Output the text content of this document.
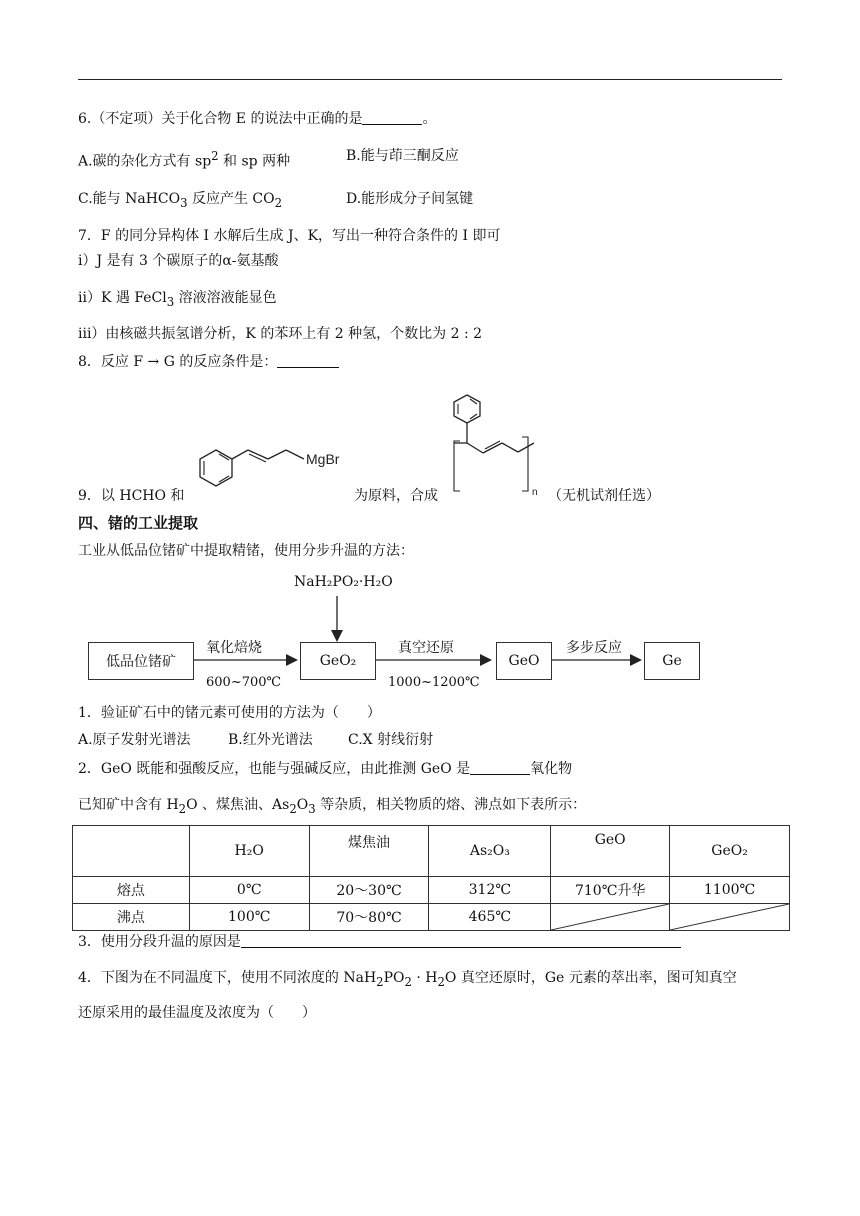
6.（不定项）关于化合物 E 的说法中正确的是	。
A.碳的杂化方式有 $sp^2$ 和 sp 两种	B.能与茚三酮反应
C.能与 NaHCO$_3$ 反应产生 $CO_2$	D.能形成分子间氢键
7．F 的同分异构体 I 水解后生成 J、K，写出一种符合条件的 I 即可
i）J 是有 3 个碳原子的α-氨基酸
ii）K 遇 FeCl$_3$ 溶液溶液能显色
iii）由核磁共振氢谱分析，K 的苯环上有 2 种氢，个数比为 2 : 2
8．反应 F → G 的反应条件是：
MgBr
n
9．以 HCHO 和	为原料，合成	（无机试剂任选）
四、锗的工业提取
工业从低品位锗矿中提取精锗，使用分步升温的方法：
NaH₂PO₂·H₂O
低品位锗矿
氧化焙烧
600~700℃
GeO₂
真空还原
1000~1200℃
GeO
多步反应
Ge
1．验证矿石中的锗元素可使用的方法为（　　）
A.原子发射光谱法	B.红外光谱法	C.X 射线衍射
2．GeO 既能和强酸反应，也能与强碱反应，由此推测 GeO 是	氧化物
已知矿中含有 $H_2O$ 、煤焦油、$As_2O_3$ 等杂质，相关物质的熔、沸点如下表所示：
	H₂O	煤焦油	As₂O₃	GeO	GeO₂
熔点	0℃	20～30℃	312℃	710℃升华	1100℃
沸点	100℃	70～80℃	465℃	

3．使用分段升温的原因是
4．下图为在不同温度下，使用不同浓度的 $NaH_2PO_2 \cdot H_2O$ 真空还原时，Ge 元素的萃出率，图可知真空
还原采用的最佳温度及浓度为（　　）
